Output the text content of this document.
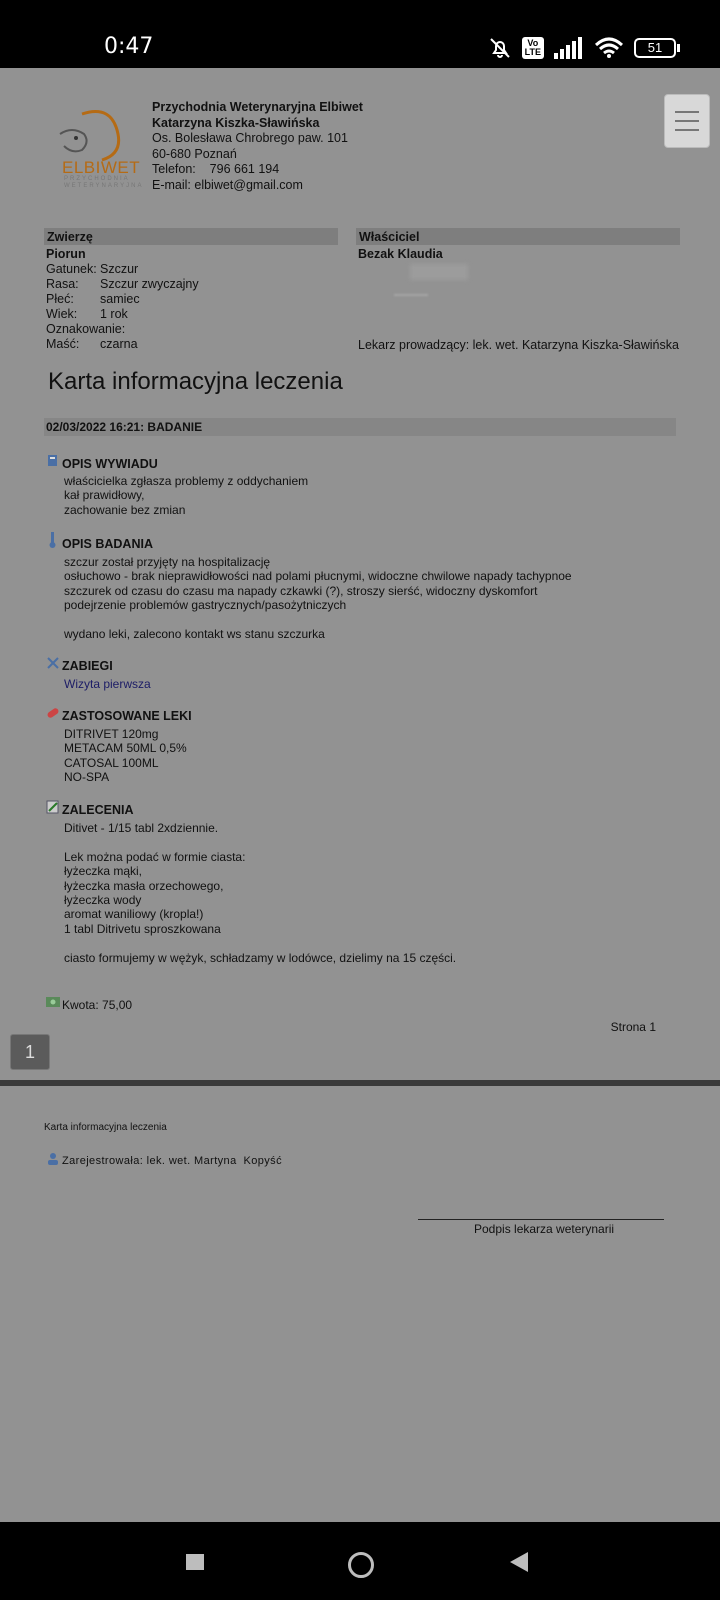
0:47	Vo
LTE	51
ELBIWET
PRZYCHODNIA WETERYNARYJNA
Przychodnia Weterynaryjna Elbiwet
Katarzyna Kiszka-Sławińska
Os. Bolesława Chrobrego paw. 101
60-680 Poznań
Telefon:    796 661 194
E-mail: elbiwet@gmail.com
Zwierzę
Piorun
Gatunek: Szczur
Rasa: Szczur zwyczajny
Płeć: samiec
Wiek: 1 rok
Oznakowanie:
Maść: czarna
Właściciel
Bezak Klaudia
Lekarz prowadzący: lek. wet. Katarzyna Kiszka-Sławińska
Karta informacyjna leczenia
02/03/2022 16:21: BADANIE
OPIS WYWIADU
właścicielka zgłasza problemy z oddychaniem
kał prawidłowy,
zachowanie bez zmian
OPIS BADANIA
szczur został przyjęty na hospitalizację
osłuchowo - brak nieprawidłowości nad polami płucnymi, widoczne chwilowe napady tachypnoe
szczurek od czasu do czasu ma napady czkawki (?), stroszy sierść, widoczny dyskomfort
podejrzenie problemów gastrycznych/pasożytniczych

wydano leki, zalecono kontakt ws stanu szczurka
ZABIEGI
Wizyta pierwsza
ZASTOSOWANE LEKI
DITRIVET 120mg
METACAM 50ML 0,5%
CATOSAL 100ML
NO-SPA
ZALECENIA
Ditivet - 1/15 tabl 2xdziennie.

Lek można podać w formie ciasta:
łyżeczka mąki,
łyżeczka masła orzechowego,
łyżeczka wody
aromat waniliowy (kropla!)
1 tabl Ditrivetu sproszkowana

ciasto formujemy w wężyk, schładzamy w lodówce, dzielimy na 15 części.
Kwota: 75,00
Strona 1
1
Karta informacyjna leczenia
Zarejestrowała: lek. wet. Martyna  Kopyść
Podpis lekarza weterynarii
